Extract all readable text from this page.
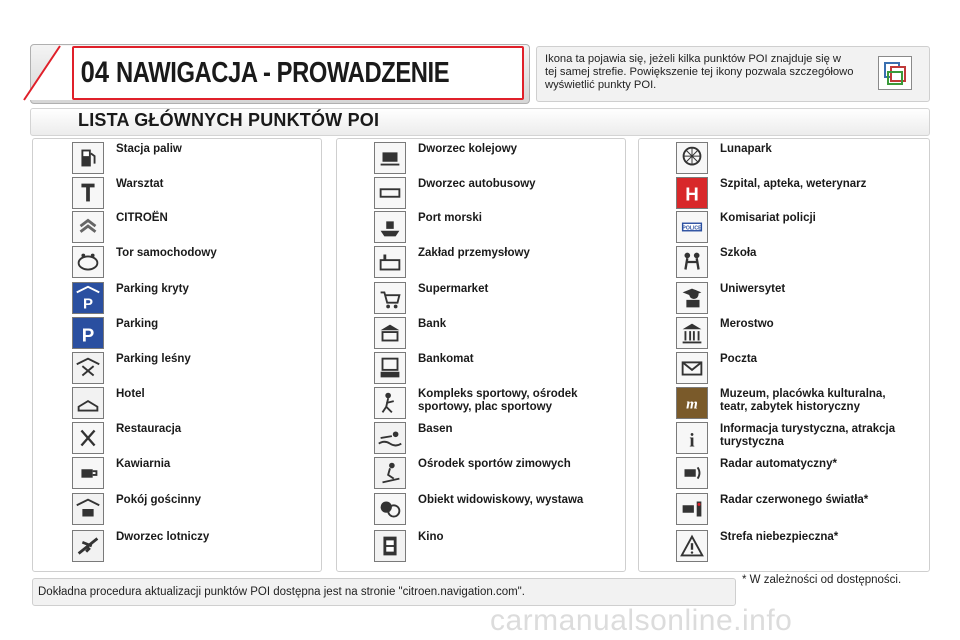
04 NAWIGACJA - PROWADZENIE	Ikona ta pojawia się, jeżeli kilka punktów POI znajduje się w tej samej strefie. Powiększenie tej ikony pozwala szczegółowo wyświetlić punkty POI.
LISTA GŁÓWNYCH PUNKTÓW POI
Stacja paliw
Warsztat
CITROËN
Tor samochodowy
P
Parking kryty
P
Parking
Parking leśny
Hotel
Restauracja
Kawiarnia
Pokój gościnny
Dworzec lotniczy
Dworzec kolejowy
Dworzec autobusowy
Port morski
Zakład przemysłowy
Supermarket
Bank
Bankomat
Kompleks sportowy, ośrodek sportowy, plac sportowy
Basen
Ośrodek sportów zimowych
Obiekt widowiskowy, wystawa
Kino
Lunapark
H Szpital, apteka, weterynarz
POLICE
Komisariat policji
Szkoła
Uniwersytet
Merostwo
Poczta
m
Muzeum, placówka kulturalna, teatr, zabytek historyczny
i
Informacja turystyczna, atrakcja turystyczna
Radar automatyczny*
Radar czerwonego światła*
Strefa niebezpieczna*
Dokładna procedura aktualizacji punktów POI dostępna jest na stronie "citroen.navigation.com".
* W zależności od dostępności.
carmanualsonline.info
